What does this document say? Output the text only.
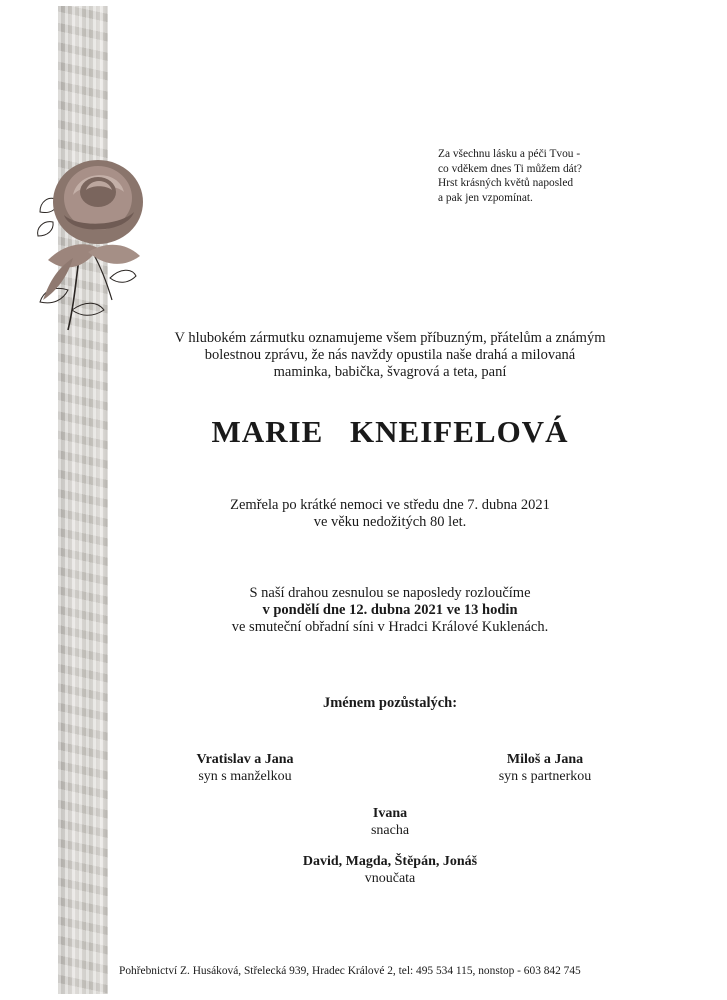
Za všechnu lásku a péči Tvou -
co vděkem dnes Ti můžem dát?
Hrst krásných květů naposled
a pak jen vzpomínat.
V hlubokém zármutku oznamujeme všem příbuzným, přátelům a známým
bolestnou zprávu, že nás navždy opustila naše drahá a milovaná
maminka, babička, švagrová a teta, paní
MARIE KNEIFELOVÁ
Zemřela po krátké nemoci ve středu dne 7. dubna 2021
ve věku nedožitých 80 let.
S naší drahou zesnulou se naposledy rozloučíme
v pondělí dne 12. dubna 2021 ve 13 hodin
ve smuteční obřadní síni v Hradci Králové Kuklenách.
Jménem pozůstalých:
Vratislav a Jana
syn s manželkou
Miloš a Jana
syn s partnerkou
Ivana
snacha
David, Magda, Štěpán, Jonáš
vnoučata
Pohřebnictví Z. Husáková, Střelecká 939, Hradec Králové 2, tel: 495 534 115, nonstop - 603 842 745
